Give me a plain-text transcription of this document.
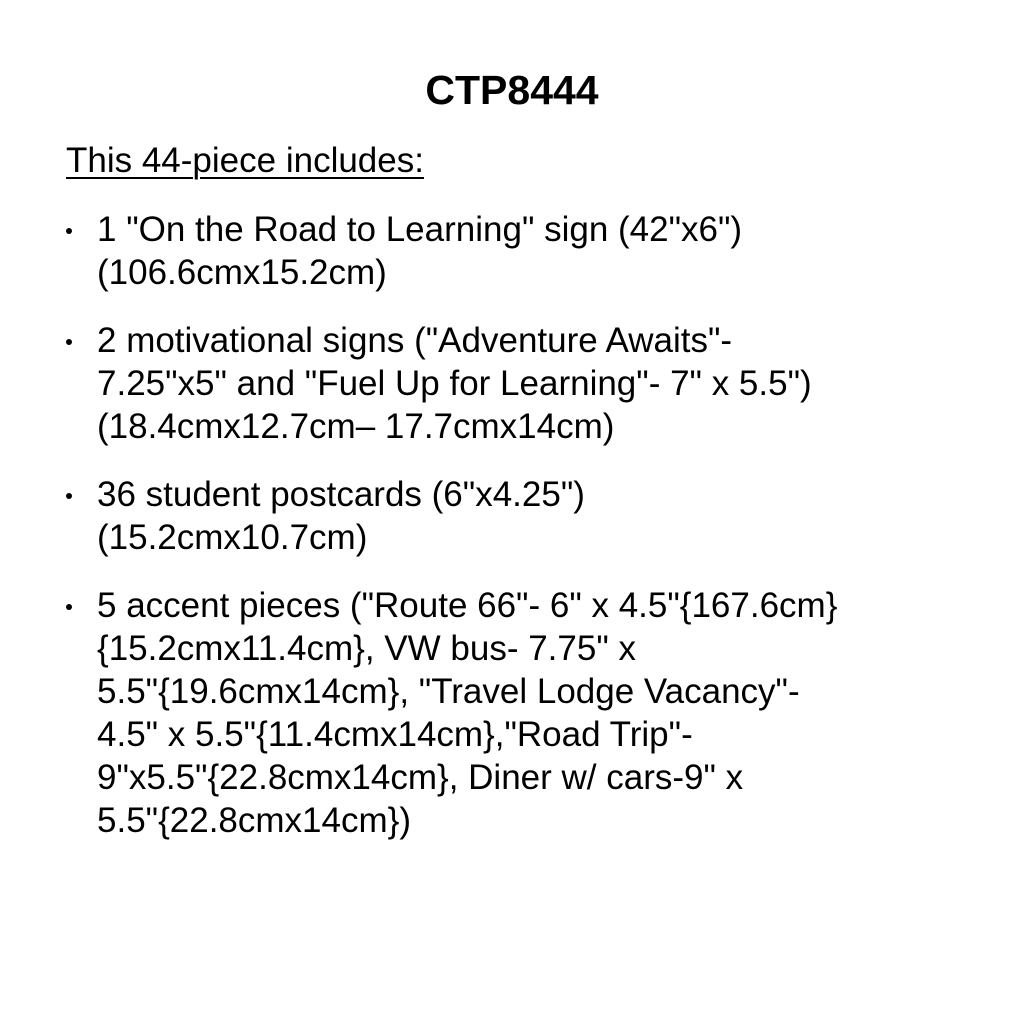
CTP8444

This 44-piece includes:

1 "On the Road to Learning" sign (42"x6")
(106.6cmx15.2cm)
2 motivational signs ("Adventure Awaits"-
7.25"x5" and "Fuel Up for Learning"- 7" x 5.5")
(18.4cmx12.7cm– 17.7cmx14cm)
36 student postcards (6"x4.25")
(15.2cmx10.7cm)
5 accent pieces ("Route 66"- 6" x 4.5"{167.6cm}
{15.2cmx11.4cm}, VW bus- 7.75" x
5.5"{19.6cmx14cm}, "Travel Lodge Vacancy"-
4.5" x 5.5"{11.4cmx14cm},"Road Trip"-
9"x5.5"{22.8cmx14cm}, Diner w/ cars-9" x
5.5"{22.8cmx14cm})
